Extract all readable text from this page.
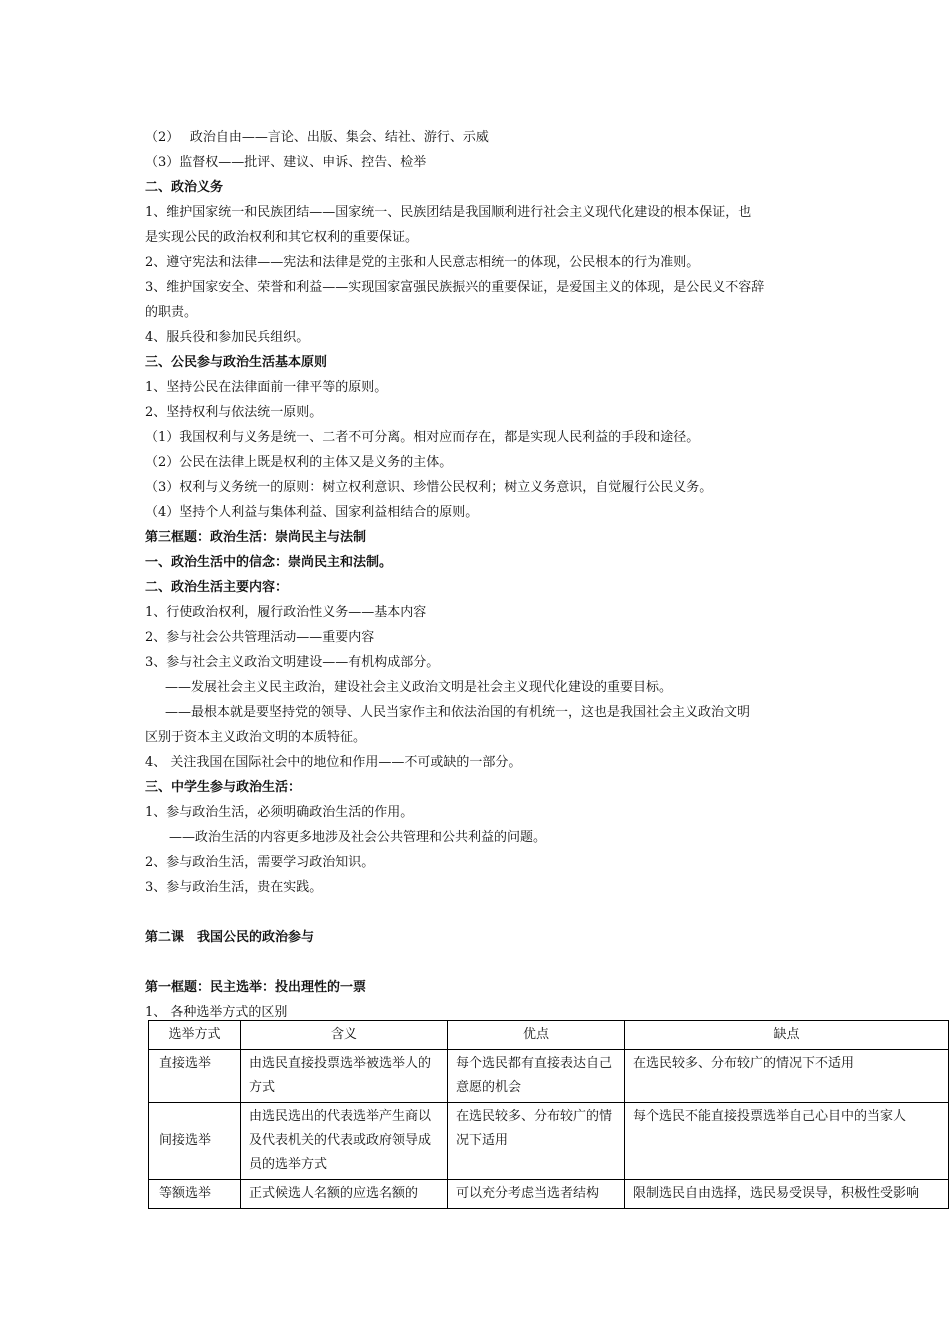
（2）　 政治自由——言论、出版、集会、结社、游行、示威
（3）监督权——批评、建议、申诉、控告、检举
二、政治义务
1、维护国家统一和民族团结——国家统一、民族团结是我国顺利进行社会主义现代化建设的根本保证，也
是实现公民的政治权利和其它权利的重要保证。
2、遵守宪法和法律——宪法和法律是党的主张和人民意志相统一的体现，公民根本的行为准则。
3、维护国家安全、荣誉和利益——实现国家富强民族振兴的重要保证，是爱国主义的体现，是公民义不容辞
的职责。
4、服兵役和参加民兵组织。
三、公民参与政治生活基本原则
1、坚持公民在法律面前一律平等的原则。
2、坚持权利与依法统一原则。
（1）我国权利与义务是统一、二者不可分离。相对应而存在，都是实现人民利益的手段和途径。
（2）公民在法律上既是权利的主体又是义务的主体。
（3）权利与义务统一的原则：树立权利意识、珍惜公民权利；树立义务意识，自觉履行公民义务。
（4）坚持个人利益与集体利益、国家利益相结合的原则。
第三框题：政治生活：崇尚民主与法制
一、政治生活中的信念：崇尚民主和法制。
二、政治生活主要内容：
1、行使政治权利，履行政治性义务——基本内容
2、参与社会公共管理活动——重要内容
3、参与社会主义政治文明建设——有机构成部分。
——发展社会主义民主政治，建设社会主义政治文明是社会主义现代化建设的重要目标。
——最根本就是要坚持党的领导、人民当家作主和依法治国的有机统一，这也是我国社会主义政治文明
区别于资本主义政治文明的本质特征。
4、 关注我国在国际社会中的地位和作用——不可或缺的一部分。
三、中学生参与政治生活：
1、参与政治生活，必须明确政治生活的作用。
——政治生活的内容更多地涉及社会公共管理和公共利益的问题。
2、参与政治生活，需要学习政治知识。
3、参与政治生活，贵在实践。
第二课　我国公民的政治参与
第一框题：民主选举：投出理性的一票
1、 各种选举方式的区别
选举方式	含义	优点	缺点
直接选举	由选民直接投票选举被选举人的方式	每个选民都有直接表达自己意愿的机会	在选民较多、分布较广的情况下不适用
间接选举	由选民选出的代表选举产生商以及代表机关的代表或政府领导成员的选举方式	在选民较多、分布较广的情况下适用	每个选民不能直接投票选举自己心目中的当家人
等额选举	正式候选人名额的应选名额的	可以充分考虑当选者结构	限制选民自由选择，选民易受误导，积极性受影响
